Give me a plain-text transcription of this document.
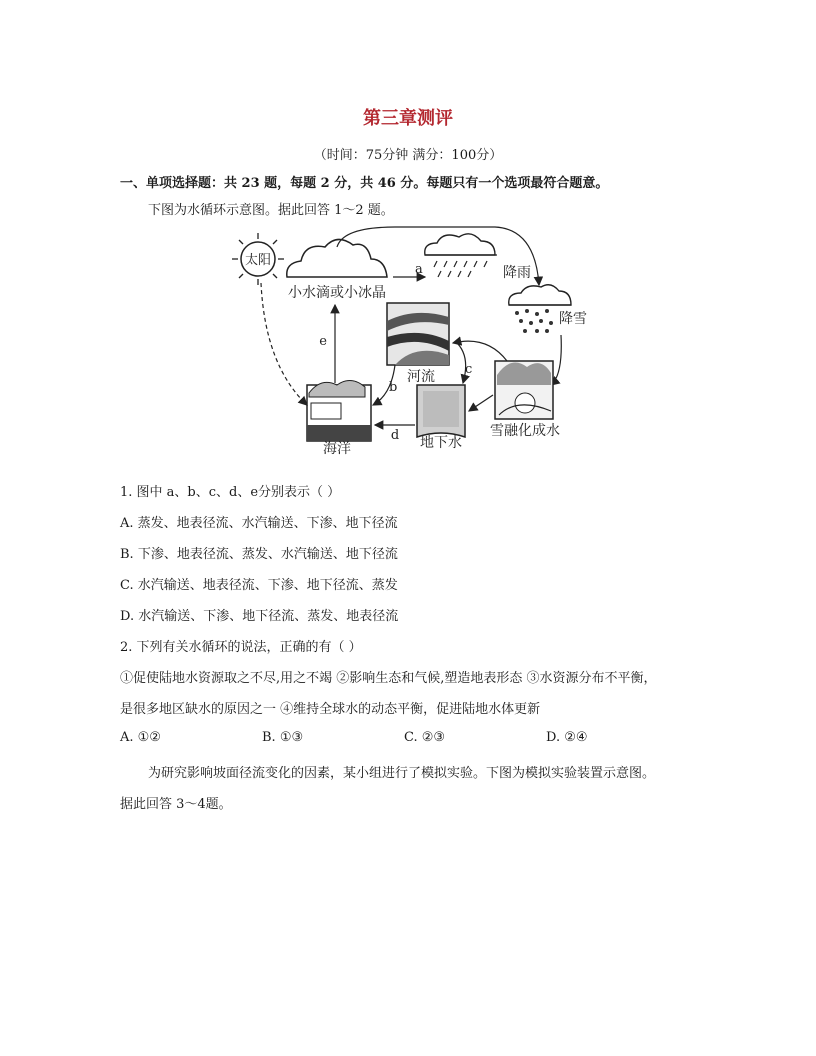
第三章测评
（时间：75分钟 满分：100分）
一、单项选择题：共 23 题，每题 2 分，共 46 分。每题只有一个选项最符合题意。
下图为水循环示意图。据此回答 1～2 题。
太阳
小水滴或小冰晶
降雨
a
降雪
河流
海洋	地下水
雪融化成水
e
b
c
d
1. 图中 a、b、c、d、e分别表示（ ）
A. 蒸发、地表径流、水汽输送、下渗、地下径流
B. 下渗、地表径流、蒸发、水汽输送、地下径流
C. 水汽输送、地表径流、下渗、地下径流、蒸发
D. 水汽输送、下渗、地下径流、蒸发、地表径流
2. 下列有关水循环的说法，正确的有（ ）
①促使陆地水资源取之不尽,用之不竭 ②影响生态和气候,塑造地表形态 ③水资源分布不平衡，
是很多地区缺水的原因之一 ④维持全球水的动态平衡，促进陆地水体更新
A. ①②	B. ①③	C. ②③	D. ②④
为研究影响坡面径流变化的因素，某小组进行了模拟实验。下图为模拟实验装置示意图。
据此回答 3～4题。
